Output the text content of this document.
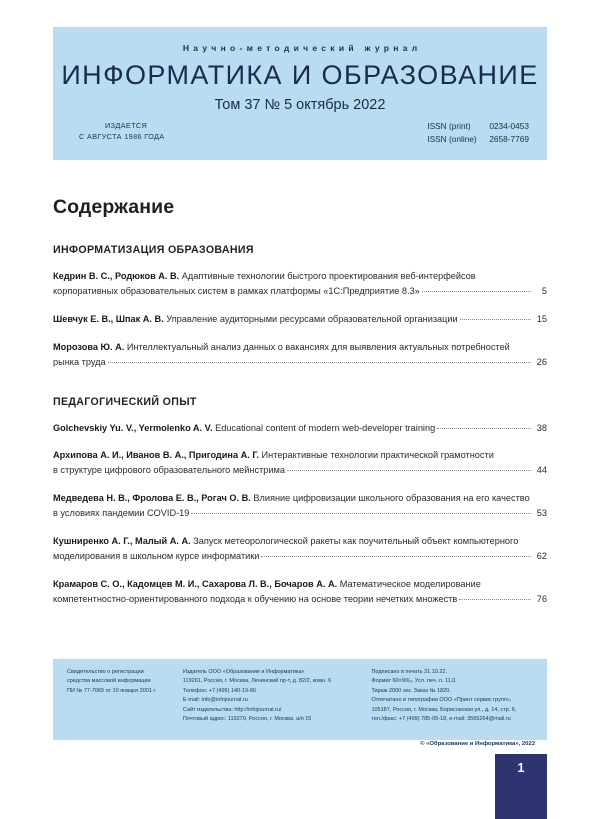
Научно-методический журнал
ИНФОРМАТИКА И ОБРАЗОВАНИЕ
Том 37 № 5 октябрь 2022
ИЗДАЕТСЯ
С АВГУСТА 1986 ГОДА
ISSN (print) 0234-0453
ISSN (online) 2658-7769
Содержание
ИНФОРМАТИЗАЦИЯ ОБРАЗОВАНИЯ
Кедрин В. С., Родюков А. В. Адаптивные технологии быстрого проектирования веб-интерфейсов
корпоративных образовательных систем в рамках платформы «1С:Предприятие 8.3»	5
Шевчук Е. В., Шпак А. В. Управление аудиторными ресурсами образовательной организации	15
Морозова Ю. А. Интеллектуальный анализ данных о вакансиях для выявления актуальных потребностей
рынка труда	26
ПЕДАГОГИЧЕСКИЙ ОПЫТ
Golchevskiy Yu. V., Yermolenko A. V. Educational content of modern web-developer training	38
Архипова А. И., Иванов В. А., Пригодина А. Г. Интерактивные технологии практической грамотности
в структуре цифрового образовательного мейнстрима	44
Медведева Н. В., Фролова Е. В., Рогач О. В. Влияние цифровизации школьного образования на его качество
в условиях пандемии COVID-19	53
Кушниренко А. Г., Малый А. А. Запуск метеорологической ракеты как поучительный объект компьютерного
моделирования в школьном курсе информатики	62
Крамаров С. О., Кадомцев М. И., Сахарова Л. В., Бочаров А. А. Математическое моделирование
компетентностно-ориентированного подхода к обучению на основе теории нечетких множеств	76
Свидетельство о регистрации
средства массовой информации
ПИ № 77-7065 от 10 января 2001 г.
Издатель ООО «Образование и Информатика»
119261, Россия, г. Москва, Ленинский пр-т, д. 82/2, комн. 6
Телефон: +7 (495) 140-19-86
E-mail: info@infojournal.ru
Сайт издательства: http://infojournal.ru/
Почтовый адрес: 119270, Россия, г. Москва, а/я 15
© «Образование и Информатика», 2022
Подписано в печать 31.10.22.
Формат 60×90/₈. Усл. печ. л. 11,0.
Тираж 2000 экз. Заказ № 1820.
Отпечатано в типографии ООО «Принт сервис групп»,
105187, Россия, г. Москва, Борисовская ул., д. 14, стр. 6,
тел./факс: +7 (499) 785-05-18, e-mail: 3565264@mail.ru
1
